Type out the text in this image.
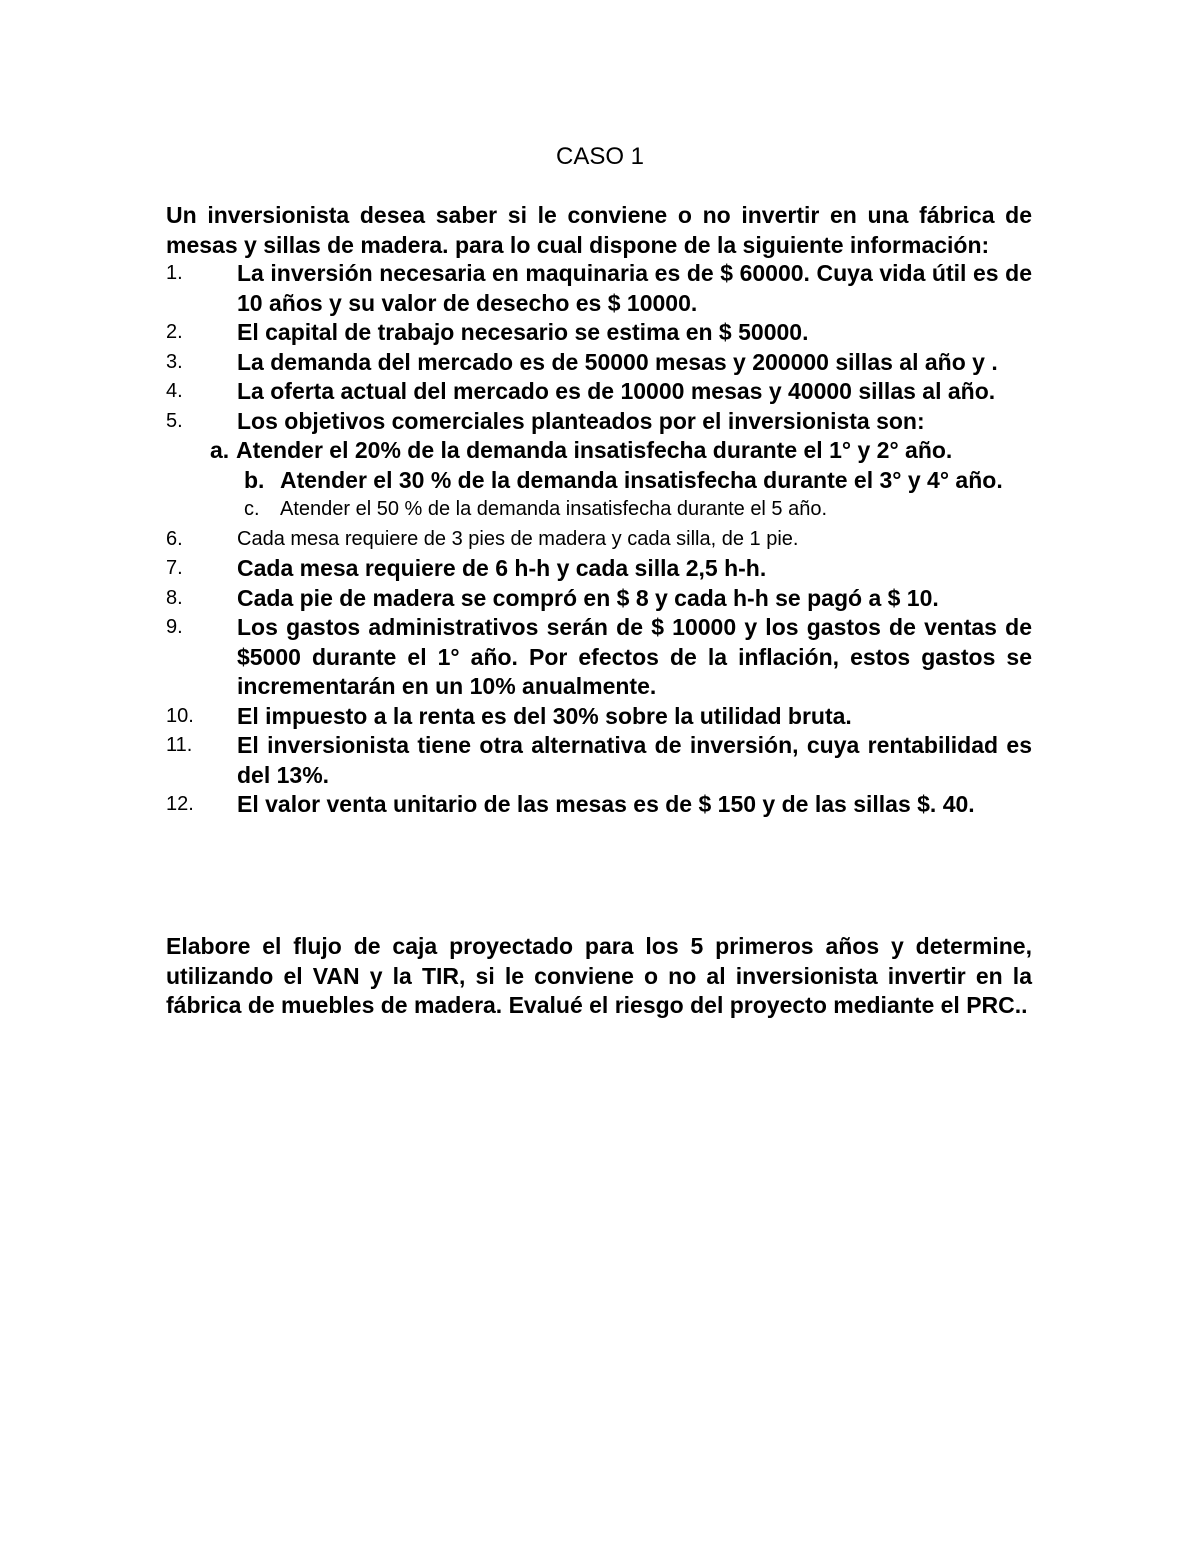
CASO 1

Un inversionista desea saber si le conviene o no invertir en una fábrica de mesas y sillas de madera. para lo cual dispone de la siguiente información:

1.	La inversión necesaria en maquinaria es de $ 60000. Cuya vida útil es de 10 años y su valor de desecho es $ 10000.
2.	El capital de trabajo necesario se estima en $ 50000.
3.	La demanda del mercado es de 50000 mesas y 200000 sillas al año y .
4.	La oferta actual del mercado es de 10000 mesas y 40000 sillas al año.
5.	Los objetivos comerciales planteados por el inversionista son:
a. Atender el 20% de la demanda insatisfecha durante el 1° y 2° año.
b. Atender el 30 % de la demanda insatisfecha durante el 3° y 4° año.
c.	Atender el 50 % de la demanda insatisfecha durante el 5 año.
6.	Cada mesa requiere de 3 pies de madera y cada silla, de 1 pie.
7.	Cada mesa requiere de 6 h-h y cada silla 2,5 h-h.
8.	Cada pie de madera se compró en $ 8 y cada h-h se pagó a $ 10.
9.	Los gastos administrativos serán de $ 10000 y los gastos de ventas de $5000 durante el 1° año. Por efectos de la inflación, estos gastos se incrementarán en un 10% anualmente.
10.	El impuesto a la renta es del 30% sobre la utilidad bruta.
11.	El inversionista tiene otra alternativa de inversión, cuya rentabilidad es del 13%.
12.	El valor venta unitario de las mesas es de $ 150 y de las sillas $. 40.

Elabore el flujo de caja proyectado para los 5 primeros años y determine, utilizando el VAN y la TIR, si le conviene o no al inversionista invertir en la fábrica de muebles de madera. Evalué el riesgo del proyecto mediante el PRC..
